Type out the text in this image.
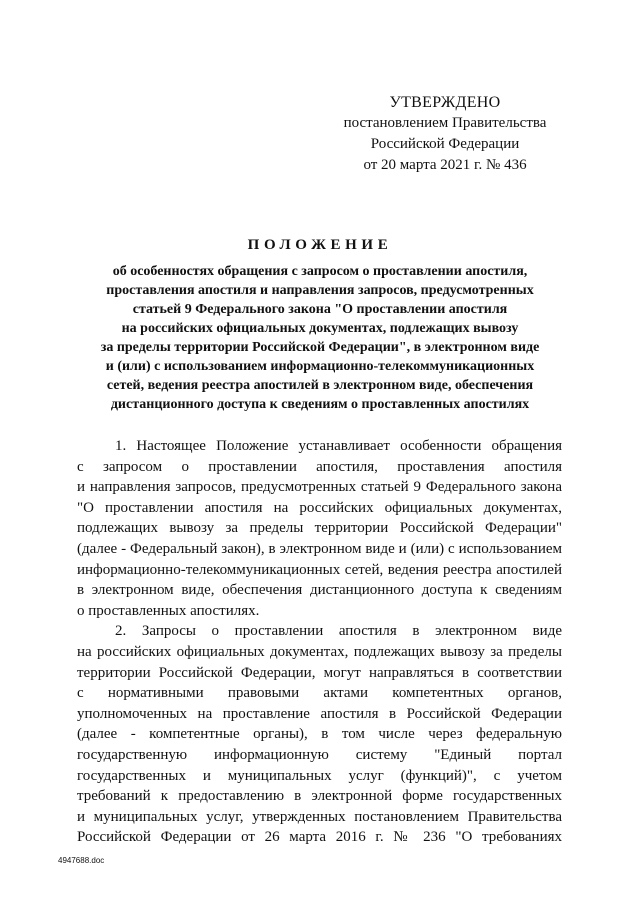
УТВЕРЖДЕНО
постановлением Правительства
Российской Федерации
от 20 марта 2021 г. № 436
ПОЛОЖЕНИЕ
об особенностях обращения с запросом о проставлении апостиля,
проставления апостиля и направления запросов, предусмотренных
статьей 9 Федерального закона "О проставлении апостиля
на российских официальных документах, подлежащих вывозу
за пределы территории Российской Федерации", в электронном виде
и (или) с использованием информационно-телекоммуникационных
сетей, ведения реестра апостилей в электронном виде, обеспечения
дистанционного доступа к сведениям о проставленных апостилях
1. Настоящее Положение устанавливает особенности обращения
с запросом о проставлении апостиля, проставления апостиля
и направления запросов, предусмотренных статьей 9 Федерального закона
"О проставлении апостиля на российских официальных документах,
подлежащих вывозу за пределы территории Российской Федерации"
(далее - Федеральный закон), в электронном виде и (или) с использованием
информационно-телекоммуникационных сетей, ведения реестра апостилей
в электронном виде, обеспечения дистанционного доступа к сведениям
о проставленных апостилях.
2. Запросы о проставлении апостиля в электронном виде
на российских официальных документах, подлежащих вывозу за пределы
территории Российской Федерации, могут направляться в соответствии
с нормативными правовыми актами компетентных органов,
уполномоченных на проставление апостиля в Российской Федерации
(далее - компетентные органы), в том числе через федеральную
государственную информационную систему "Единый портал
государственных и муниципальных услуг (функций)", с учетом
требований к предоставлению в электронной форме государственных
и муниципальных услуг, утвержденных постановлением Правительства
Российской Федерации от 26 марта 2016 г. № 236 "О требованиях
4947688.doc
